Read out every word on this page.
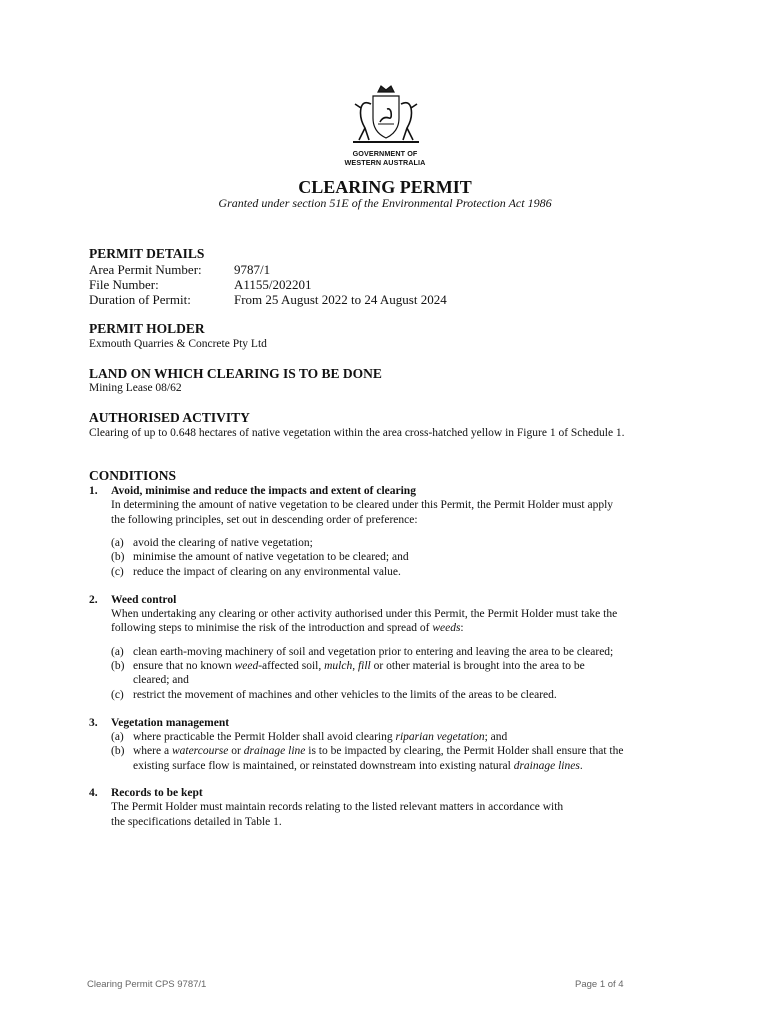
GOVERNMENT OF
WESTERN AUSTRALIA
CLEARING PERMIT
Granted under section 51E of the Environmental Protection Act 1986
PERMIT DETAILS
Area Permit Number: 9787/1
File Number:	A1155/202201
Duration of Permit:	From 25 August 2022 to 24 August 2024
PERMIT HOLDER
Exmouth Quarries & Concrete Pty Ltd
LAND ON WHICH CLEARING IS TO BE DONE
Mining Lease 08/62
AUTHORISED ACTIVITY
Clearing of up to 0.648 hectares of native vegetation within the area cross-hatched yellow in Figure 1 of Schedule 1.
CONDITIONS
1. Avoid, minimise and reduce the impacts and extent of clearing
In determining the amount of native vegetation to be cleared under this Permit, the Permit Holder must apply
the following principles, set out in descending order of preference:
(a) avoid the clearing of native vegetation;
(b) minimise the amount of native vegetation to be cleared; and
(c) reduce the impact of clearing on any environmental value.
2. Weed control
When undertaking any clearing or other activity authorised under this Permit, the Permit Holder must take the
following steps to minimise the risk of the introduction and spread of weeds:
(a) clean earth-moving machinery of soil and vegetation prior to entering and leaving the area to be cleared;
(b) ensure that no known weed-affected soil, mulch, fill or other material is brought into the area to be
cleared; and
(c) restrict the movement of machines and other vehicles to the limits of the areas to be cleared.
3. Vegetation management
(a) where practicable the Permit Holder shall avoid clearing riparian vegetation; and
(b) where a watercourse or drainage line is to be impacted by clearing, the Permit Holder shall ensure that the
existing surface flow is maintained, or reinstated downstream into existing natural drainage lines.
4. Records to be kept
The Permit Holder must maintain records relating to the listed relevant matters in accordance with
the specifications detailed in Table 1.
Clearing Permit CPS 9787/1	Page 1 of 4
